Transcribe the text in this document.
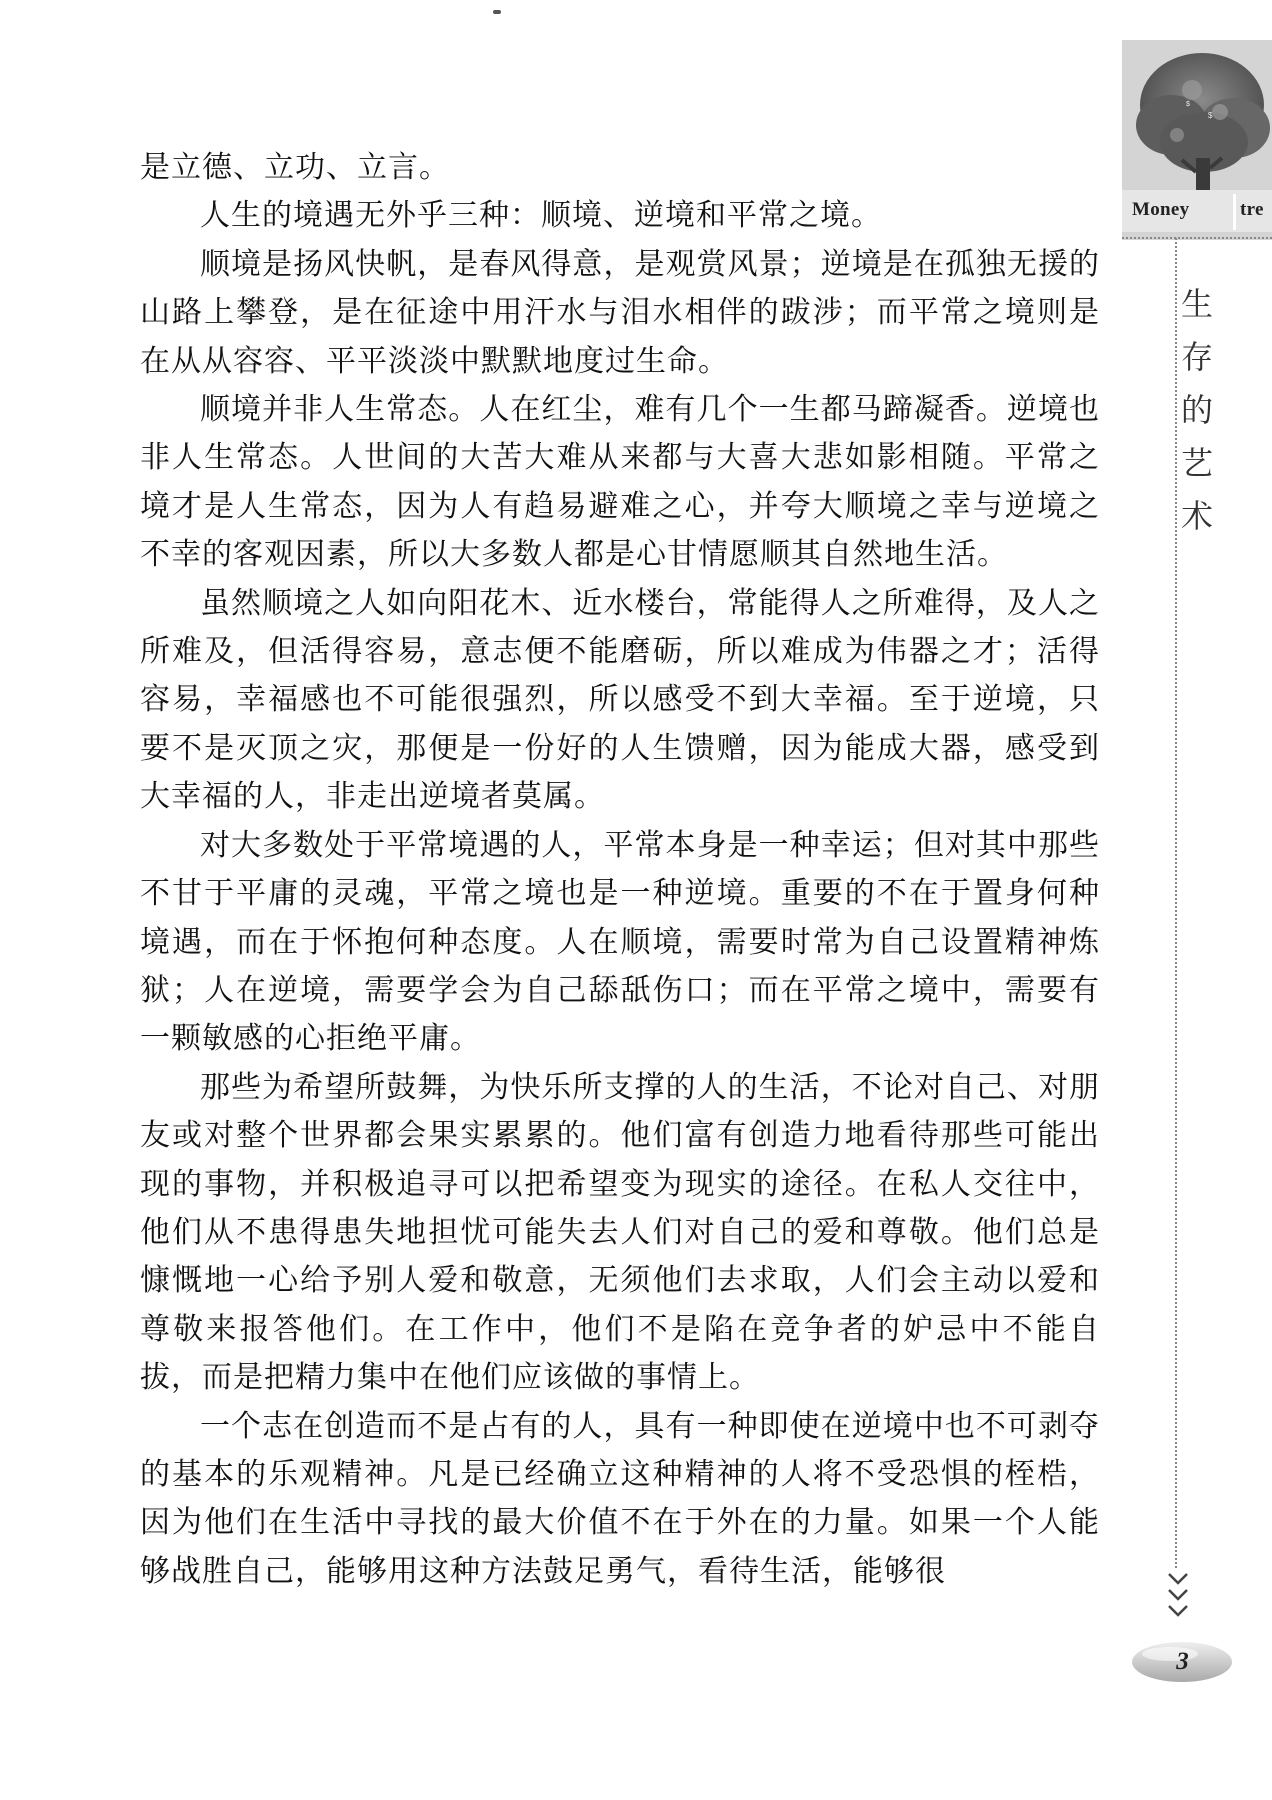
是立德、立功、立言。

人生的境遇无外乎三种：顺境、逆境和平常之境。

顺境是扬风快帆，是春风得意，是观赏风景；逆境是在孤独无援的山路上攀登，是在征途中用汗水与泪水相伴的跋涉；而平常之境则是在从从容容、平平淡淡中默默地度过生命。

顺境并非人生常态。人在红尘，难有几个一生都马蹄凝香。逆境也非人生常态。人世间的大苦大难从来都与大喜大悲如影相随。平常之境才是人生常态，因为人有趋易避难之心，并夸大顺境之幸与逆境之不幸的客观因素，所以大多数人都是心甘情愿顺其自然地生活。

虽然顺境之人如向阳花木、近水楼台，常能得人之所难得，及人之所难及，但活得容易，意志便不能磨砺，所以难成为伟器之才；活得容易，幸福感也不可能很强烈，所以感受不到大幸福。至于逆境，只要不是灭顶之灾，那便是一份好的人生馈赠，因为能成大器，感受到大幸福的人，非走出逆境者莫属。

对大多数处于平常境遇的人，平常本身是一种幸运；但对其中那些不甘于平庸的灵魂，平常之境也是一种逆境。重要的不在于置身何种境遇，而在于怀抱何种态度。人在顺境，需要时常为自己设置精神炼狱；人在逆境，需要学会为自己舔舐伤口；而在平常之境中，需要有一颗敏感的心拒绝平庸。

那些为希望所鼓舞，为快乐所支撑的人的生活，不论对自己、对朋友或对整个世界都会果实累累的。他们富有创造力地看待那些可能出现的事物，并积极追寻可以把希望变为现实的途径。在私人交往中，他们从不患得患失地担忧可能失去人们对自己的爱和尊敬。他们总是慷慨地一心给予别人爱和敬意，无须他们去求取，人们会主动以爱和尊敬来报答他们。在工作中，他们不是陷在竞争者的妒忌中不能自拔，而是把精力集中在他们应该做的事情上。

一个志在创造而不是占有的人，具有一种即使在逆境中也不可剥夺的基本的乐观精神。凡是已经确立这种精神的人将不受恐惧的桎梏，因为他们在生活中寻找的最大价值不在于外在的力量。如果一个人能够战胜自己，能够用这种方法鼓足勇气，看待生活，能够很

$
$
Money	tre
生
存
的
艺
术
3
